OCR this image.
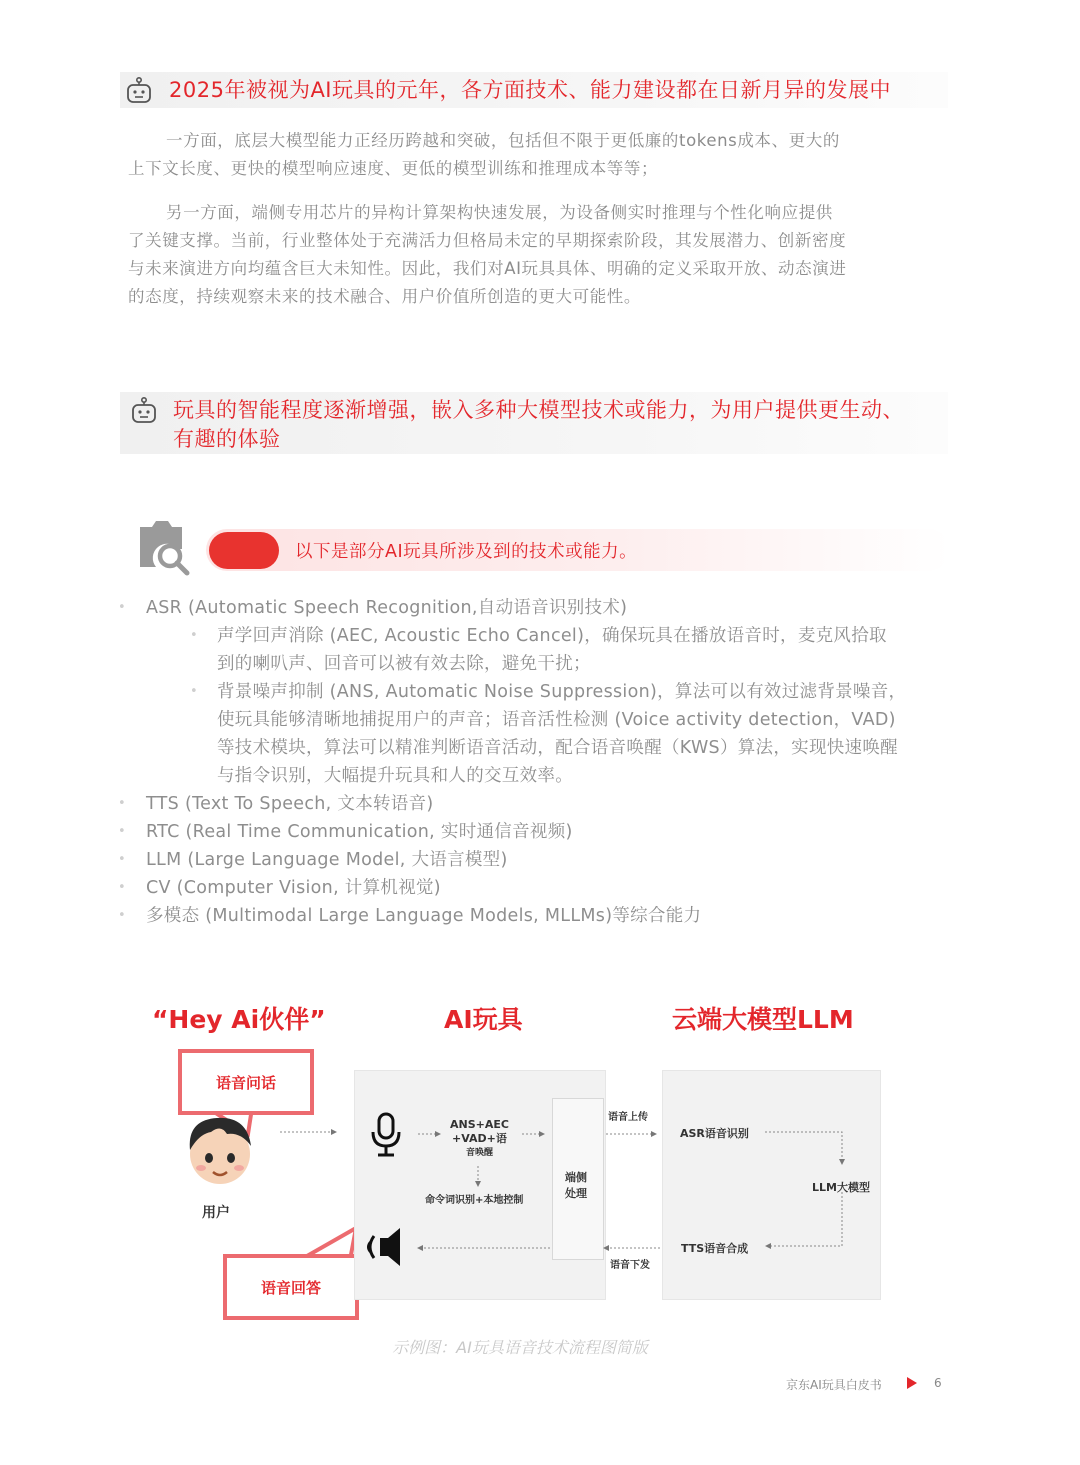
2025年被视为AI玩具的元年，各方面技术、能力建设都在日新月异的发展中
一方面，底层大模型能力正经历跨越和突破，包括但不限于更低廉的tokens成本、更大的
上下文长度、更快的模型响应速度、更低的模型训练和推理成本等等；
另一方面，端侧专用芯片的异构计算架构快速发展，为设备侧实时推理与个性化响应提供
了关键支撑。当前，行业整体处于充满活力但格局未定的早期探索阶段，其发展潜力、创新密度
与未来演进方向均蕴含巨大未知性。因此，我们对AI玩具具体、明确的定义采取开放、动态演进
的态度，持续观察未来的技术融合、用户价值所创造的更大可能性。
玩具的智能程度逐渐增强，嵌入多种大模型技术或能力，为用户提供更生动、
有趣的体验
以下是部分AI玩具所涉及到的技术或能力。
• ASR (Automatic Speech Recognition,自动语音识别技术)
• 声学回声消除 (AEC, Acoustic Echo Cancel)，确保玩具在播放语音时，麦克风拾取
到的喇叭声、回音可以被有效去除，避免干扰；
• 背景噪声抑制 (ANS, Automatic Noise Suppression)，算法可以有效过滤背景噪音，
使玩具能够清晰地捕捉用户的声音；语音活性检测 (Voice activity detection，VAD)
等技术模块，算法可以精准判断语音活动，配合语音唤醒（KWS）算法，实现快速唤醒
与指令识别，大幅提升玩具和人的交互效率。
• TTS (Text To Speech, 文本转语音)
• RTC (Real Time Communication, 实时通信音视频)
• LLM (Large Language Model, 大语言模型)
• CV (Computer Vision, 计算机视觉)
• 多模态 (Multimodal Large Language Models, MLLMs)等综合能力
“Hey Ai伙伴”	AI玩具	云端大模型LLM
语音问话
用户
语音回答
端侧
处理
ANS+AEC
+VAD+语
音唤醒
命令词识别+本地控制
ASR语音识别
LLM大模型
TTS语音合成
语音上传
语音下发
示例图：AI玩具语音技术流程图简版
京东AI玩具白皮书	6
